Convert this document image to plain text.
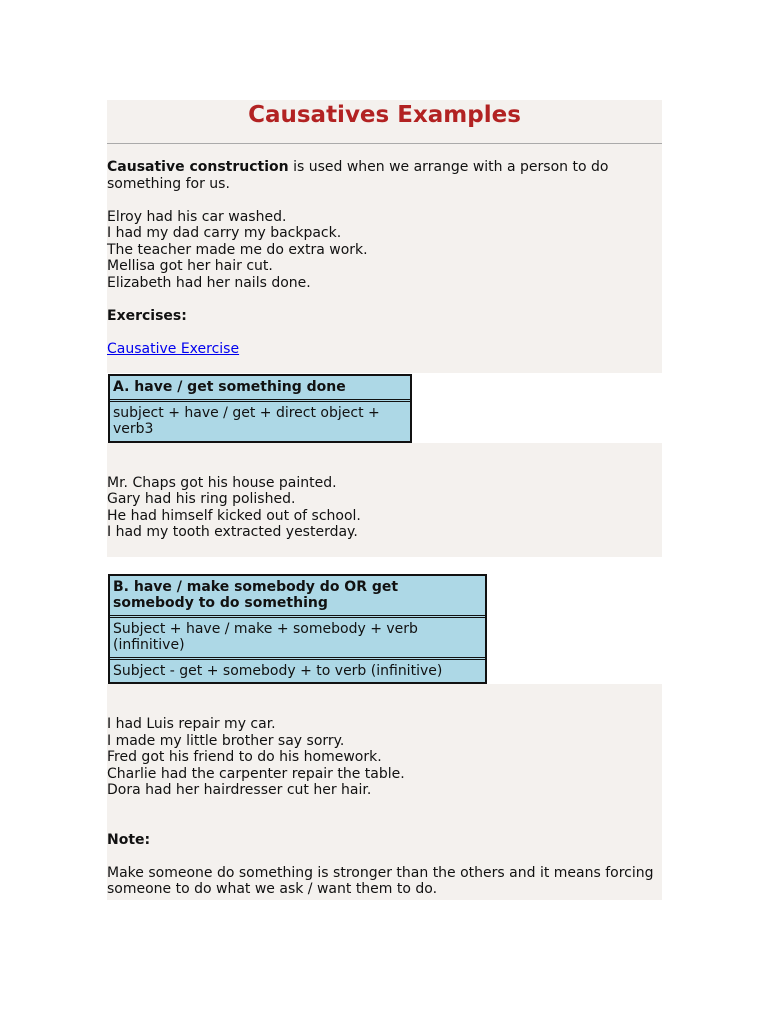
Causatives Examples

Causative construction is used when we arrange with a person to do something for us.

Elroy had his car washed.
I had my dad carry my backpack.
The teacher made me do extra work.
Mellisa got her hair cut.
Elizabeth had her nails done.
Exercises:
Causative Exercise
A. have / get something done
subject + have / get + direct object + verb3
Mr. Chaps got his house painted.
Gary had his ring polished.
He had himself kicked out of school.
I had my tooth extracted yesterday.
B. have / make somebody do OR get somebody to do something
Subject + have / make + somebody + verb (infinitive)
Subject - get + somebody + to verb (infinitive)
I had Luis repair my car.
I made my little brother say sorry.
Fred got his friend to do his homework.
Charlie had the carpenter repair the table.
Dora had her hairdresser cut her hair.
Note:

Make someone do something is stronger than the others and it means forcing someone to do what we ask / want them to do.
